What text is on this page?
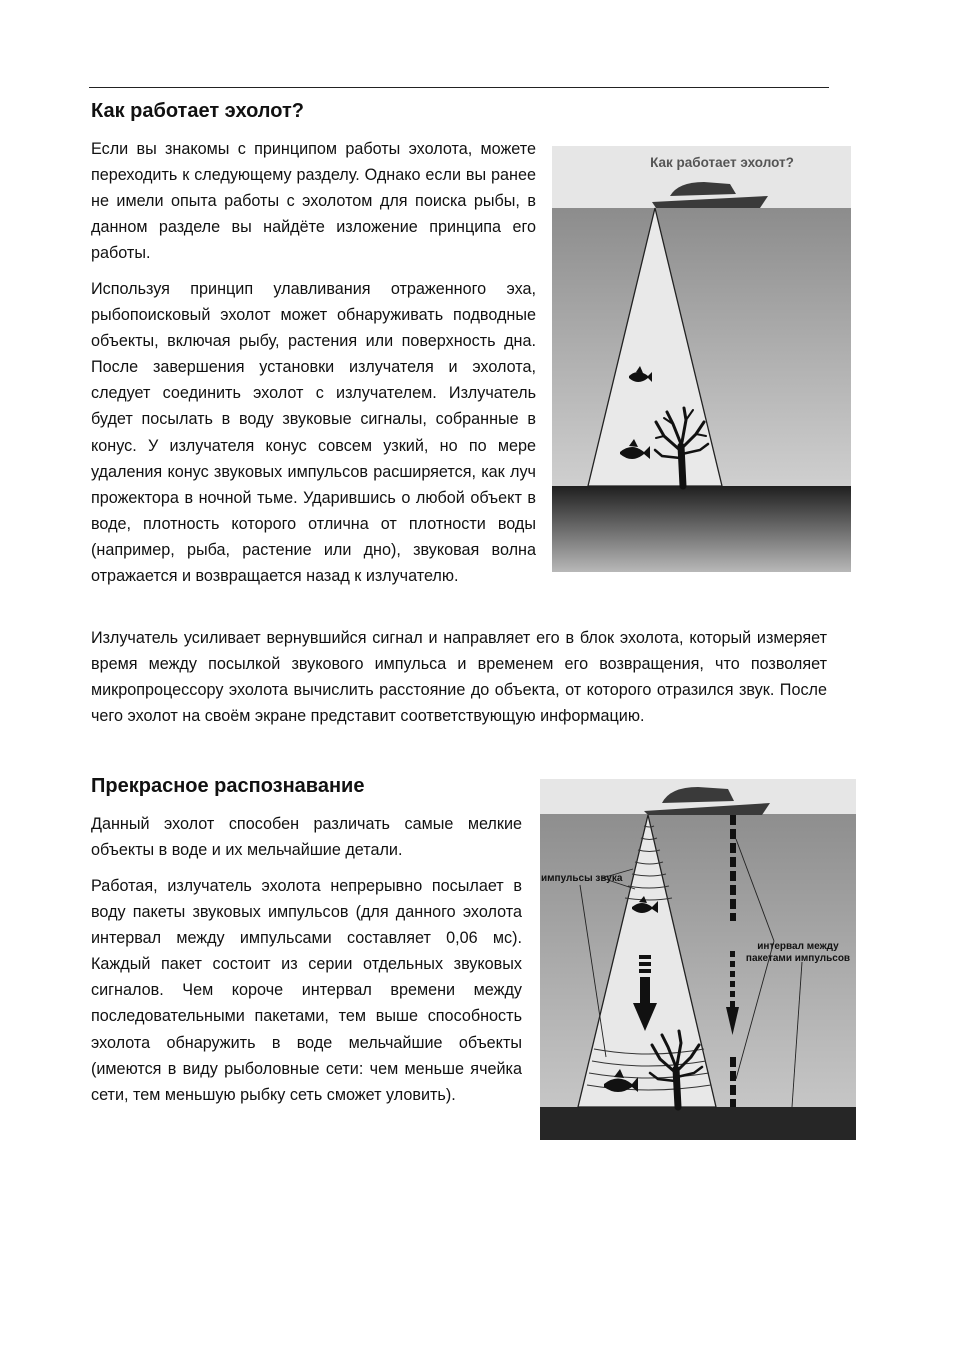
Как работает эхолот?

Если вы знакомы с принципом работы эхолота, можете переходить к следующему разделу. Однако если вы ранее не имели опыта работы с эхолотом для поиска рыбы, в данном разделе вы найдёте изложение принципа его работы.

Используя принцип улавливания отраженного эха, рыбопоисковый эхолот может обнаруживать подводные объекты, включая рыбу, растения или поверхность дна. После завершения установки излучателя и эхолота, следует соединить эхолот с излучателем. Излучатель будет посылать в воду звуковые сигналы, собранные в конус. У излучателя конус совсем узкий, но по мере удаления конус звуковых импульсов расширяется, как луч прожектора в ночной тьме. Ударившись о любой объект в воде, плотность которого отлична от плотности воды (например, рыба, растение или дно), звуковая волна отражается и возвращается назад к излучателю.

Как работает эхолот?

Излучатель усиливает вернувшийся сигнал и направляет его в блок эхолота, который измеряет время между посылкой звукового импульса и временем его возвращения, что позволяет микропроцессору эхолота вычислить расстояние до объекта, от которого отразился звук. После чего эхолот на своём экране представит соответствующую информацию.

Прекрасное распознавание

Данный эхолот способен различать самые мелкие объекты в воде и их мельчайшие детали.

Работая, излучатель эхолота непрерывно посылает в воду пакеты звуковых импульсов (для данного эхолота интервал между импульсами составляет 0,06 мс). Каждый пакет состоит из серии отдельных звуковых сигналов. Чем короче интервал времени между последовательными пакетами, тем выше способность эхолота обнаружить в воде мельчайшие объекты (имеются в виду рыболовные сети: чем меньше ячейка сети, тем меньшую рыбку сеть сможет уловить).

импульсы звука
интервал между
пакетами импульсов
